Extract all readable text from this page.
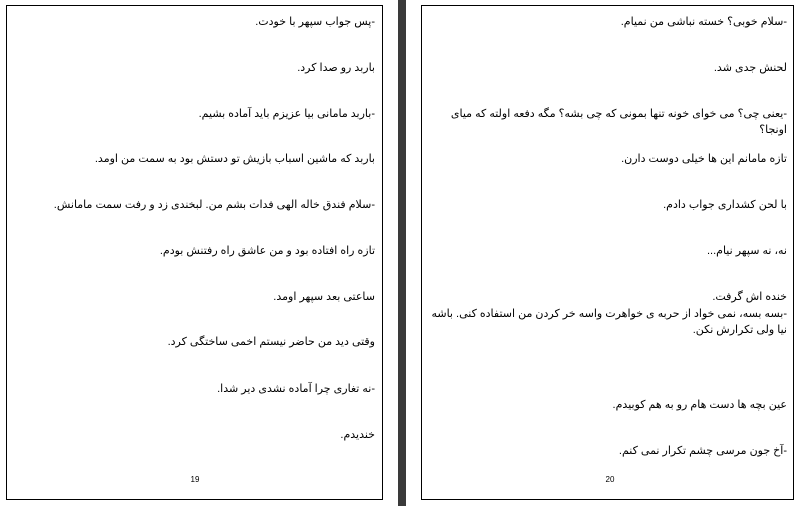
-پس جواب سپهر با خودت.
باربد رو صدا کرد.
-باربد مامانی بیا عزیزم باید آماده بشیم.
باربد که ماشین اسباب بازیش تو دستش بود به سمت من اومد.
-سلام فندق خاله الهی فدات بشم من. لبخندی زد و رفت سمت مامانش.
تازه راه افتاده بود و من عاشق راه رفتنش بودم.
ساعتی بعد سپهر اومد.
وقتی دید من حاضر نیستم اخمی ساختگی کرد.
-نه تغاری چرا آماده نشدی دیر شدا.
خندیدم.
19
-سلام خوبی؟ خسته نباشی من نمیام.
لحنش جدی شد.
-یعنی چی؟ می خوای خونه تنها بمونی که چی بشه؟ مگه دفعه اولته که میای اونجا؟
تازه مامانم این ها خیلی دوست دارن.
با لحن کشداری جواب دادم.
نه، نه سپهر نیام...
خنده اش گرفت.
-بسه بسه، نمی خواد از حربه ی خواهرت واسه خر کردن من استفاده کنی. باشه نیا ولی تکرارش نکن.
عین بچه ها دست هام رو به هم کوبیدم.
-آخ جون مرسی چشم تکرار نمی کنم.
20
